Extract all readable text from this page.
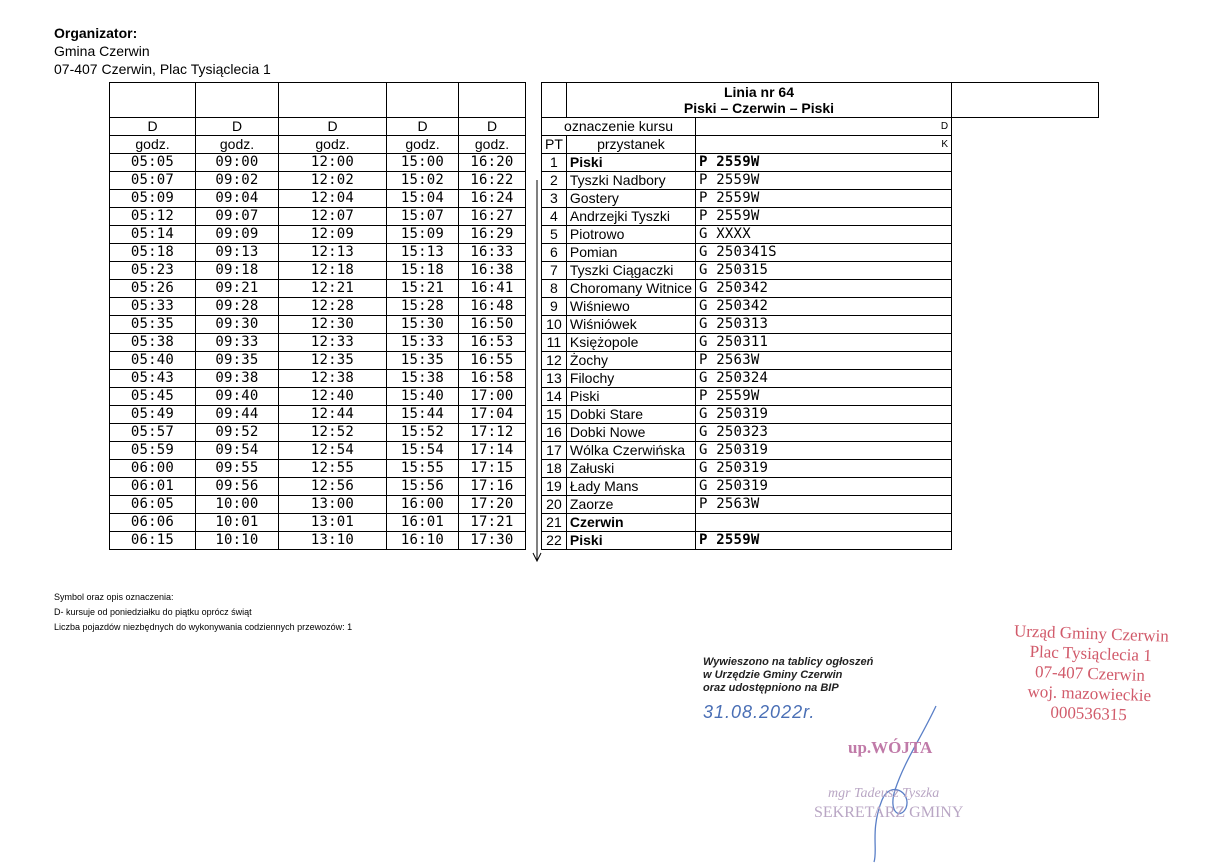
Organizator:
Gmina Czerwin
07-407 Czerwin, Plac Tysiąclecia 1

							Linia nr 64
Piski – Czerwin – Piski		

D	D	D	D	D		oznaczenie kursu		D	
godz.	godz.	godz.	godz.	godz.		PT	przystanek	K	
05:05	09:00	12:00	15:00	16:20		1	Piski	P 2559W	
05:07	09:02	12:02	15:02	16:22		2	Tyszki Nadbory	P 2559W	
05:09	09:04	12:04	15:04	16:24		3	Gostery	P 2559W	
05:12	09:07	12:07	15:07	16:27		4	Andrzejki Tyszki	P 2559W	
05:14	09:09	12:09	15:09	16:29		5	Piotrowo	G XXXX	
05:18	09:13	12:13	15:13	16:33		6	Pomian	G 250341S	
05:23	09:18	12:18	15:18	16:38		7	Tyszki Ciągaczki	G 250315	
05:26	09:21	12:21	15:21	16:41		8	Choromany Witnice	G 250342	
05:33	09:28	12:28	15:28	16:48		9	Wiśniewo	G 250342	
05:35	09:30	12:30	15:30	16:50		10	Wiśniówek	G 250313	
05:38	09:33	12:33	15:33	16:53		11	Księżopole	G 250311	
05:40	09:35	12:35	15:35	16:55		12	Żochy	P 2563W	
05:43	09:38	12:38	15:38	16:58		13	Filochy	G 250324	
05:45	09:40	12:40	15:40	17:00		14	Piski	P 2559W	
05:49	09:44	12:44	15:44	17:04		15	Dobki Stare	G 250319	
05:57	09:52	12:52	15:52	17:12		16	Dobki Nowe	G 250323	
05:59	09:54	12:54	15:54	17:14		17	Wólka Czerwińska	G 250319	
06:00	09:55	12:55	15:55	17:15		18	Załuski	G 250319	
06:01	09:56	12:56	15:56	17:16		19	Łady Mans	G 250319	
06:05	10:00	13:00	16:00	17:20		20	Zaorze	P 2563W	
06:06	10:01	13:01	16:01	17:21		21	Czerwin		
06:15	10:10	13:10	16:10	17:30		22	Piski	P 2559W	
Symbol oraz opis oznaczenia:
D- kursuje od poniedziałku do piątku oprócz świąt
Liczba pojazdów niezbędnych do wykonywania codziennych przewozów: 1
Wywieszono na tablicy ogłoszeń
w Urzędzie Gminy Czerwin
oraz udostępniono na BIP
31.08.2022r.
Urząd Gminy Czerwin
Plac Tysiąclecia 1
07-407 Czerwin
woj. mazowieckie
000536315
up.WÓJTA
mgr Tadeusz Tyszka
SEKRETARZ GMINY
